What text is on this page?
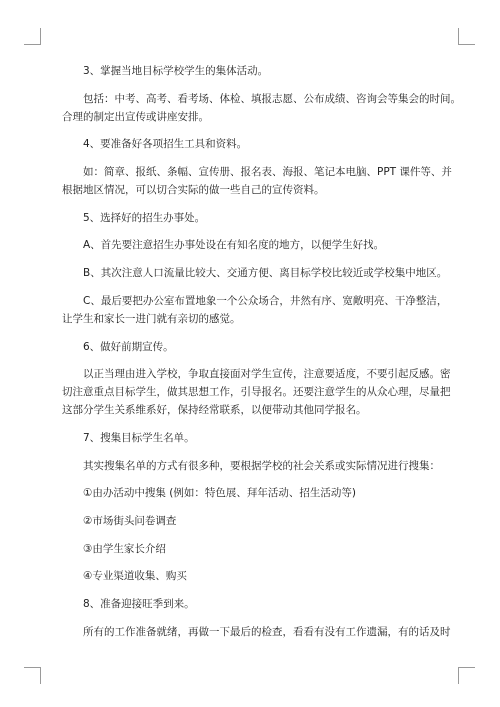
3、掌握当地目标学校学生的集体活动。

包括：中考、高考、看考场、体检、填报志愿、公布成绩、咨询会等集会的时间。

合理的制定出宣传或讲座安排。

4、要准备好各项招生工具和资料。

如：简章、报纸、条幅、宣传册、报名表、海报、笔记本电脑、PPT 课件等、并

根据地区情况，可以切合实际的做一些自己的宣传资料。

5、选择好的招生办事处。

A、首先要注意招生办事处设在有知名度的地方，以便学生好找。

B、其次注意人口流量比较大、交通方便、离目标学校比较近或学校集中地区。

C、最后要把办公室布置地象一个公众场合，井然有序、宽敞明亮、干净整洁，

让学生和家长一进门就有亲切的感觉。

6、做好前期宣传。

以正当理由进入学校，争取直接面对学生宣传，注意要适度，不要引起反感。密

切注意重点目标学生，做其思想工作，引导报名。还要注意学生的从众心理，尽量把

这部分学生关系维系好，保持经常联系，以便带动其他同学报名。

7、搜集目标学生名单。

其实搜集名单的方式有很多种，要根据学校的社会关系或实际情况进行搜集：

①由办活动中搜集 (例如：特色展、拜年活动、招生活动等)

②市场街头问卷调查

③由学生家长介绍

④专业渠道收集、购买

8、准备迎接旺季到来。

所有的工作准备就绪，再做一下最后的检查，看看有没有工作遗漏，有的话及时
